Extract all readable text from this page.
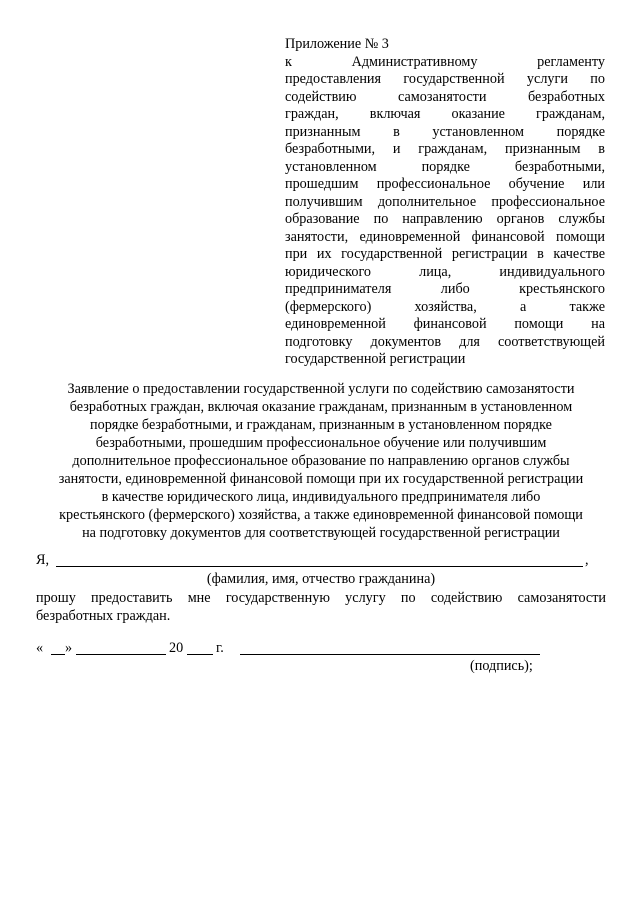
Приложение № 3
к Административному регламенту
предоставления государственной услуги по
содействию самозанятости безработных
граждан, включая оказание гражданам,
признанным в установленном порядке
безработными, и гражданам, признанным в
установленном порядке безработными,
прошедшим профессиональное обучение или
получившим дополнительное профессиональное
образование по направлению органов службы
занятости, единовременной финансовой помощи
при их государственной регистрации в качестве
юридического лица, индивидуального
предпринимателя либо крестьянского
(фермерского) хозяйства, а также
единовременной финансовой помощи на
подготовку документов для соответствующей
государственной регистрации
Заявление о предоставлении государственной услуги по содействию самозанятости
безработных граждан, включая оказание гражданам, признанным в установленном
порядке безработными, и гражданам, признанным в установленном порядке
безработными, прошедшим профессиональное обучение или получившим
дополнительное профессиональное образование по направлению органов службы
занятости, единовременной финансовой помощи при их государственной регистрации
в качестве юридического лица, индивидуального предпринимателя либо
крестьянского (фермерского) хозяйства, а также единовременной финансовой помощи
на подготовку документов для соответствующей государственной регистрации
Я,	,
(фамилия, имя, отчество гражданина)
прошу предоставить мне государственную услугу по содействию самозанятости
безработных граждан.
« »	20 г.
(подпись);
